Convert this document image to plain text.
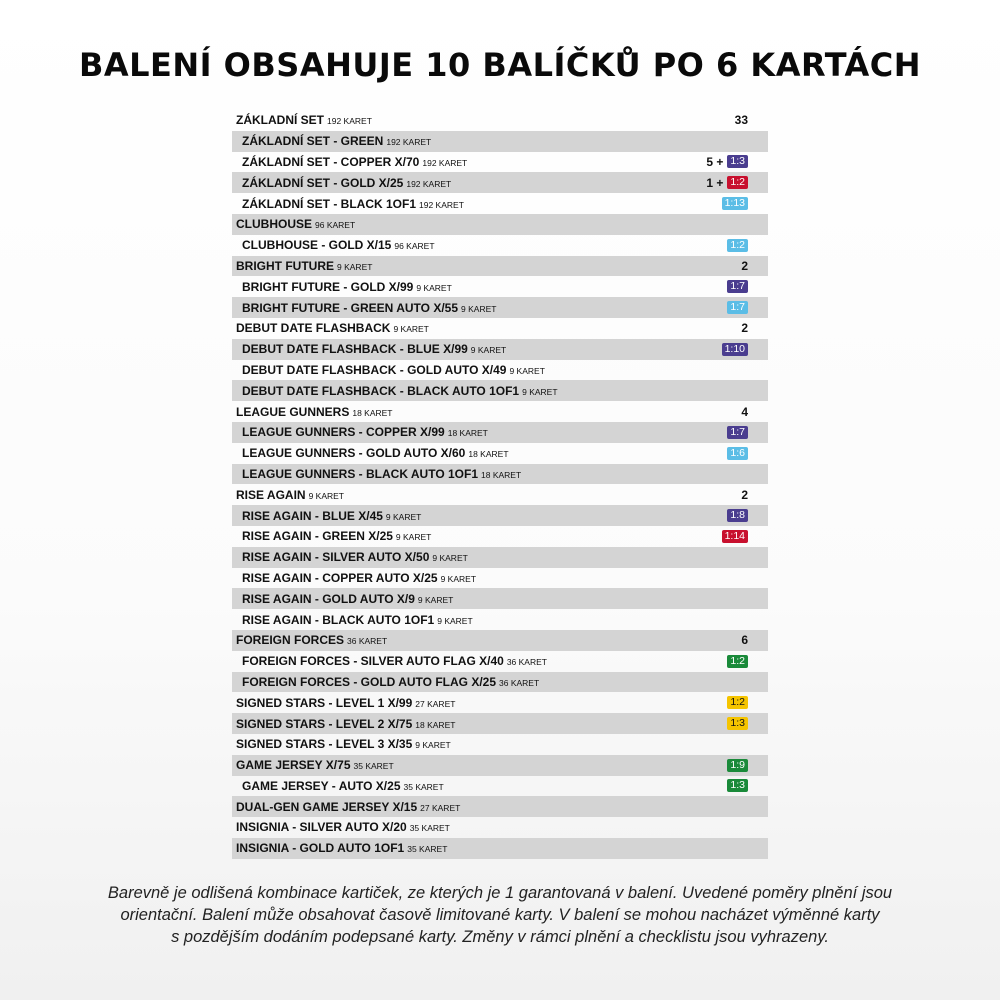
BALENÍ OBSAHUJE 10 BALÍČKŮ PO 6 KARTÁCH
ZÁKLADNÍ SET 192 KARET	33
ZÁKLADNÍ SET - GREEN 192 KARET
ZÁKLADNÍ SET - COPPER X/70 192 KARET	5 + 1:3
ZÁKLADNÍ SET - GOLD X/25 192 KARET	1 + 1:2
ZÁKLADNÍ SET - BLACK 1OF1 192 KARET	1:13
CLUBHOUSE 96 KARET
CLUBHOUSE - GOLD X/15 96 KARET	1:2
BRIGHT FUTURE 9 KARET	2
BRIGHT FUTURE - GOLD X/99 9 KARET	1:7
BRIGHT FUTURE - GREEN AUTO X/55 9 KARET	1:7
DEBUT DATE FLASHBACK 9 KARET	2
DEBUT DATE FLASHBACK - BLUE X/99 9 KARET	1:10
DEBUT DATE FLASHBACK - GOLD AUTO X/49 9 KARET
DEBUT DATE FLASHBACK - BLACK AUTO 1OF1 9 KARET
LEAGUE GUNNERS 18 KARET	4
LEAGUE GUNNERS - COPPER X/99 18 KARET	1:7
LEAGUE GUNNERS - GOLD AUTO X/60 18 KARET	1:6
LEAGUE GUNNERS - BLACK AUTO 1OF1 18 KARET
RISE AGAIN 9 KARET	2
RISE AGAIN - BLUE X/45 9 KARET	1:8
RISE AGAIN - GREEN X/25 9 KARET	1:14
RISE AGAIN - SILVER AUTO X/50 9 KARET
RISE AGAIN - COPPER AUTO X/25 9 KARET
RISE AGAIN - GOLD AUTO X/9 9 KARET
RISE AGAIN - BLACK AUTO 1OF1 9 KARET
FOREIGN FORCES 36 KARET	6
FOREIGN FORCES - SILVER AUTO FLAG X/40 36 KARET	1:2
FOREIGN FORCES - GOLD AUTO FLAG X/25 36 KARET
SIGNED STARS - LEVEL 1 X/99 27 KARET	1:2
SIGNED STARS - LEVEL 2 X/75 18 KARET	1:3
SIGNED STARS - LEVEL 3 X/35 9 KARET
GAME JERSEY X/75 35 KARET	1:9
GAME JERSEY - AUTO X/25 35 KARET	1:3
DUAL-GEN GAME JERSEY X/15 27 KARET
INSIGNIA - SILVER AUTO X/20 35 KARET
INSIGNIA - GOLD AUTO 1OF1 35 KARET
Barevně je odlišená kombinace kartiček, ze kterých je 1 garantovaná v balení. Uvedené poměry plnění jsou
orientační. Balení může obsahovat časově limitované karty. V balení se mohou nacházet výměnné karty
s pozdějším dodáním podepsané karty. Změny v rámci plnění a checklistu jsou vyhrazeny.
